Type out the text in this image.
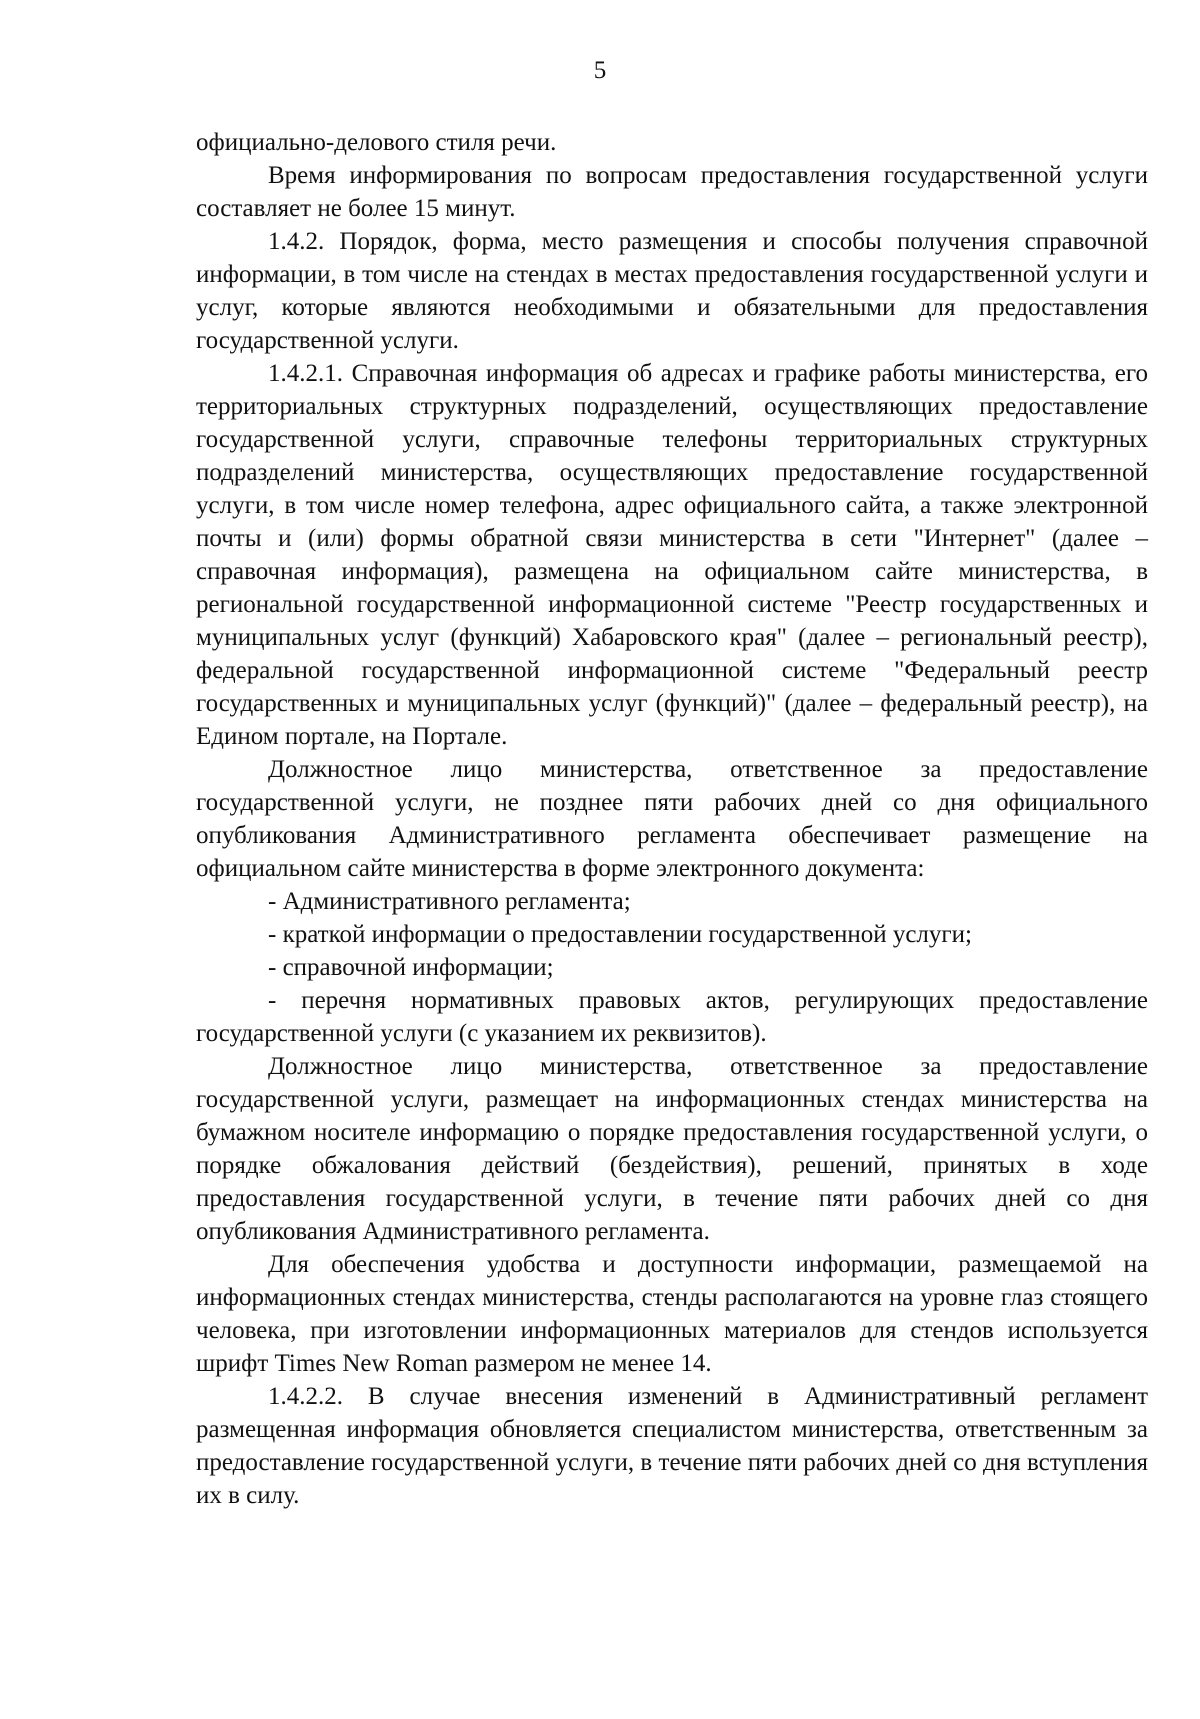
5

официально-делового стиля речи.

Время информирования по вопросам предоставления государственной услуги составляет не более 15 минут.

1.4.2. Порядок, форма, место размещения и способы получения справочной информации, в том числе на стендах в местах предоставления государственной услуги и услуг, которые являются необходимыми и обязательными для предоставления государственной услуги.

1.4.2.1. Справочная информация об адресах и графике работы министерства, его территориальных структурных подразделений, осуществляющих предоставление государственной услуги, справочные телефоны территориальных структурных подразделений министерства, осуществляющих предоставление государственной услуги, в том числе номер телефона, адрес официального сайта, а также электронной почты и (или) формы обратной связи министерства в сети "Интернет" (далее – справочная информация), размещена на официальном сайте министерства, в региональной государственной информационной системе "Реестр государственных и муниципальных услуг (функций) Хабаровского края" (далее – региональный реестр), федеральной государственной информационной системе "Федеральный реестр государственных и муниципальных услуг (функций)" (далее – федеральный реестр), на Едином портале, на Портале.

Должностное лицо министерства, ответственное за предоставление государственной услуги, не позднее пяти рабочих дней со дня официального опубликования Административного регламента обеспечивает размещение на официальном сайте министерства в форме электронного документа:

- Административного регламента;

- краткой информации о предоставлении государственной услуги;

- справочной информации;

- перечня нормативных правовых актов, регулирующих предоставление государственной услуги (с указанием их реквизитов).

Должностное лицо министерства, ответственное за предоставление государственной услуги, размещает на информационных стендах министерства на бумажном носителе информацию о порядке предоставления государственной услуги, о порядке обжалования действий (бездействия), решений, принятых в ходе предоставления государственной услуги, в течение пяти рабочих дней со дня опубликования Административного регламента.

Для обеспечения удобства и доступности информации, размещаемой на информационных стендах министерства, стенды располагаются на уровне глаз стоящего человека, при изготовлении информационных материалов для стендов используется шрифт Times New Roman размером не менее 14.

1.4.2.2. В случае внесения изменений в Административный регламент размещенная информация обновляется специалистом министерства, ответственным за предоставление государственной услуги, в течение пяти рабочих дней со дня вступления их в силу.
